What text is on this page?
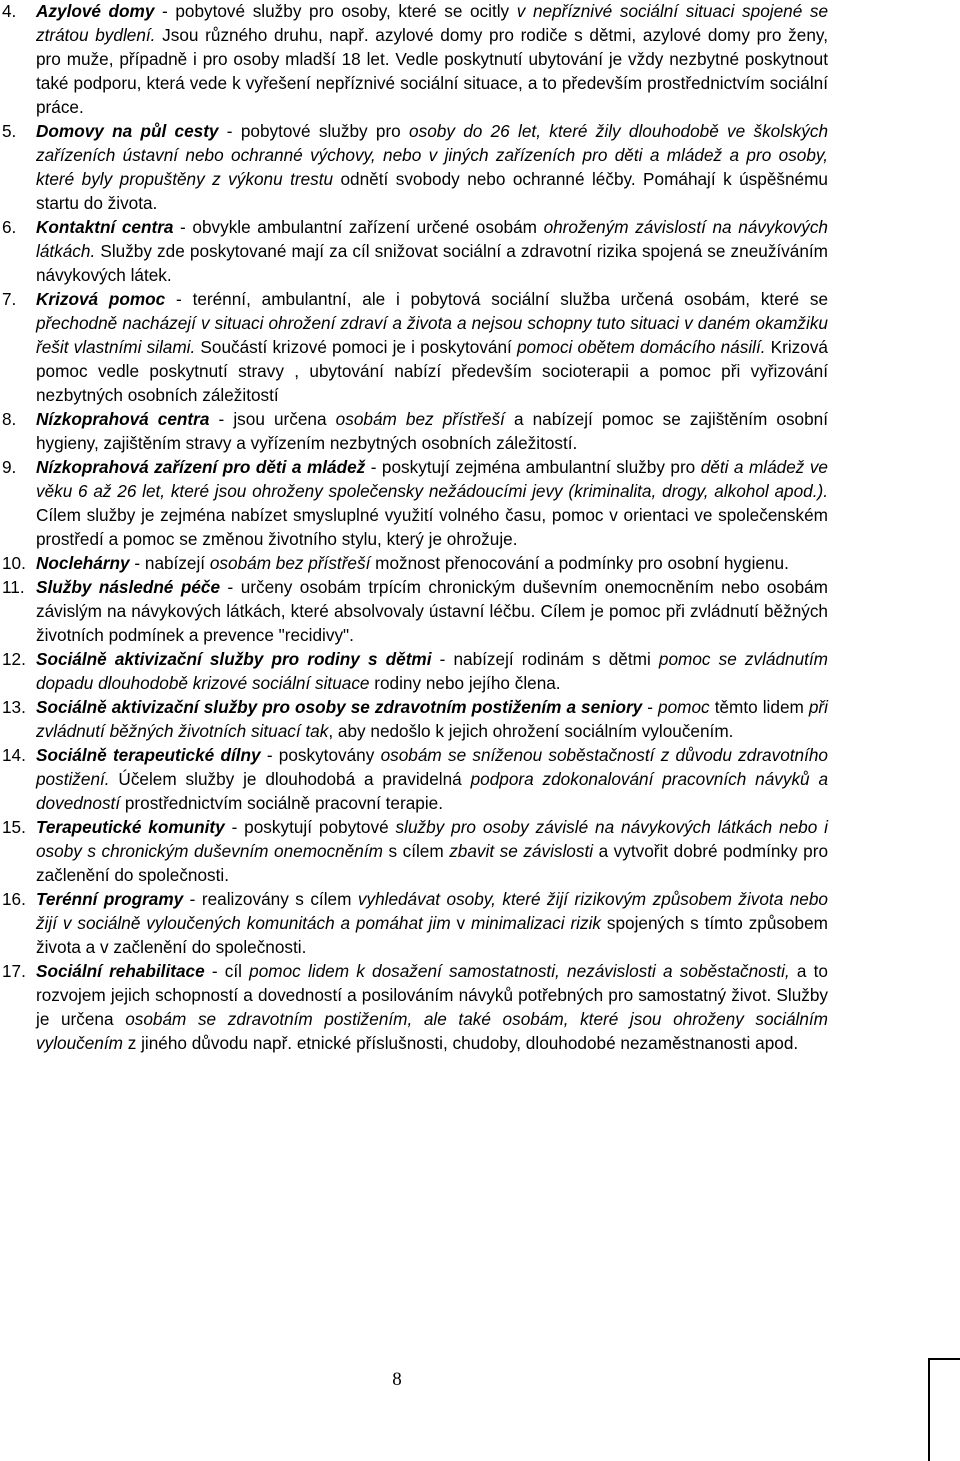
4. Azylové domy - pobytové služby pro osoby, které se ocitly v nepříznivé sociální situaci spojené se ztrátou bydlení. Jsou různého druhu, např. azylové domy pro rodiče s dětmi, azylové domy pro ženy, pro muže, případně i pro osoby mladší 18 let. Vedle poskytnutí ubytování je vždy nezbytné poskytnout také podporu, která vede k vyřešení nepříznivé sociální situace, a to především prostřednictvím sociální práce.
5. Domovy na půl cesty - pobytové služby pro osoby do 26 let, které žily dlouhodobě ve školských zařízeních ústavní nebo ochranné výchovy, nebo v jiných zařízeních pro děti a mládež a pro osoby, které byly propuštěny z výkonu trestu odnětí svobody nebo ochranné léčby. Pomáhají k úspěšnému startu do života.
6. Kontaktní centra - obvykle ambulantní zařízení určené osobám ohroženým závislostí na návykových látkách. Služby zde poskytované mají za cíl snižovat sociální a zdravotní rizika spojená se zneužíváním návykových látek.
7. Krizová pomoc - terénní, ambulantní, ale i pobytová sociální služba určená osobám, které se přechodně nacházejí v situaci ohrožení zdraví a života a nejsou schopny tuto situaci v daném okamžiku řešit vlastními silami. Součástí krizové pomoci je i poskytování pomoci obětem domácího násilí. Krizová pomoc vedle poskytnutí stravy , ubytování nabízí především socioterapii a pomoc při vyřizování nezbytných osobních záležitostí
8. Nízkoprahová centra - jsou určena osobám bez přístřeší a nabízejí pomoc se zajištěním osobní hygieny, zajištěním stravy a vyřízením nezbytných osobních záležitostí.
9. Nízkoprahová zařízení pro děti a mládež - poskytují zejména ambulantní služby pro děti a mládež ve věku 6 až 26 let, které jsou ohroženy společensky nežádoucími jevy (kriminalita, drogy, alkohol apod.). Cílem služby je zejména nabízet smysluplné využití volného času, pomoc v orientaci ve společenském prostředí a pomoc se změnou životního stylu, který je ohrožuje.
10. Noclehárny - nabízejí osobám bez přístřeší možnost přenocování a podmínky pro osobní hygienu.
11. Služby následné péče - určeny osobám trpícím chronickým duševním onemocněním nebo osobám závislým na návykových látkách, které absolvovaly ústavní léčbu. Cílem je pomoc při zvládnutí běžných životních podmínek a prevence "recidivy".
12. Sociálně aktivizační služby pro rodiny s dětmi - nabízejí rodinám s dětmi pomoc se zvládnutím dopadu dlouhodobě krizové sociální situace rodiny nebo jejího člena.
13. Sociálně aktivizační služby pro osoby se zdravotním postižením a seniory - pomoc těmto lidem při zvládnutí běžných životních situací tak, aby nedošlo k jejich ohrožení sociálním vyloučením.
14. Sociálně terapeutické dílny - poskytovány osobám se sníženou soběstačností z důvodu zdravotního postižení. Účelem služby je dlouhodobá a pravidelná podpora zdokonalování pracovních návyků a dovedností prostřednictvím sociálně pracovní terapie.
15. Terapeutické komunity - poskytují pobytové služby pro osoby závislé na návykových látkách nebo i osoby s chronickým duševním onemocněním s cílem zbavit se závislosti a vytvořit dobré podmínky pro začlenění do společnosti.
16. Terénní programy - realizovány s cílem vyhledávat osoby, které žijí rizikovým způsobem života nebo žijí v sociálně vyloučených komunitách a pomáhat jim v minimalizaci rizik spojených s tímto způsobem života a v začlenění do společnosti.
17. Sociální rehabilitace - cíl pomoc lidem k dosažení samostatnosti, nezávislosti a soběstačnosti, a to rozvojem jejich schopností a dovedností a posilováním návyků potřebných pro samostatný život. Služby je určena osobám se zdravotním postižením, ale také osobám, které jsou ohroženy sociálním vyloučením z jiného důvodu např. etnické příslušnosti, chudoby, dlouhodobé nezaměstnanosti apod.
8
